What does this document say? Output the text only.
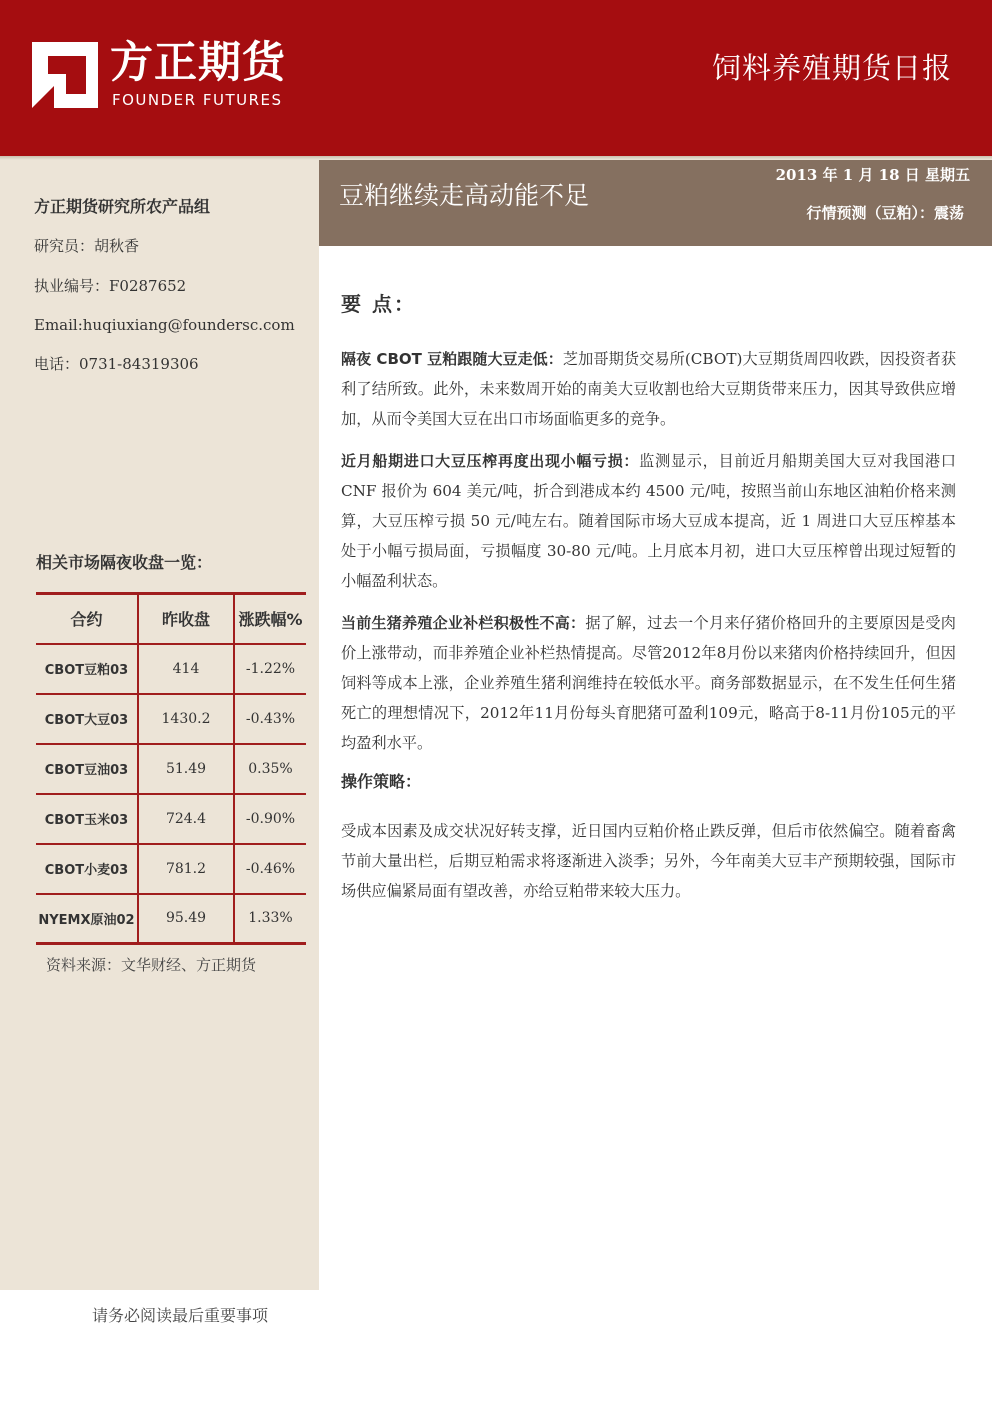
方正期货
FOUNDER FUTURES
饲料养殖期货日报
方正期货研究所农产品组
研究员：胡秋香
执业编号：F0287652
Email:huqiuxiang@foundersc.com
电话：0731-84319306
相关市场隔夜收盘一览：
合约	昨收盘	涨跌幅%
CBOT豆粕03	414	-1.22%
CBOT大豆03	1430.2	-0.43%
CBOT豆油03	51.49	0.35%
CBOT玉米03	724.4	-0.90%
CBOT小麦03	781.2	-0.46%
NYEMX原油02	95.49	1.33%
资料来源：文华财经、方正期货
请务必阅读最后重要事项
豆粕继续走高动能不足
2013 年 1 月 18 日 星期五
行情预测（豆粕）：震荡
要 点：

隔夜 CBOT 豆粕跟随大豆走低：芝加哥期货交易所(CBOT)大豆期货周四收跌，因投资者获利了结所致。此外，未来数周开始的南美大豆收割也给大豆期货带来压力，因其导致供应增加，从而令美国大豆在出口市场面临更多的竞争。

近月船期进口大豆压榨再度出现小幅亏损：监测显示，目前近月船期美国大豆对我国港口 CNF 报价为 604 美元/吨，折合到港成本约 4500 元/吨，按照当前山东地区油粕价格来测算，大豆压榨亏损 50 元/吨左右。随着国际市场大豆成本提高，近 1 周进口大豆压榨基本处于小幅亏损局面，亏损幅度 30-80 元/吨。上月底本月初，进口大豆压榨曾出现过短暂的小幅盈利状态。

当前生猪养殖企业补栏积极性不高：据了解，过去一个月来仔猪价格回升的主要原因是受肉价上涨带动，而非养殖企业补栏热情提高。尽管2012年8月份以来猪肉价格持续回升，但因饲料等成本上涨，企业养殖生猪利润维持在较低水平。商务部数据显示，在不发生任何生猪死亡的理想情况下，2012年11月份每头育肥猪可盈利109元，略高于8-11月份105元的平均盈利水平。

操作策略：

受成本因素及成交状况好转支撑，近日国内豆粕价格止跌反弹，但后市依然偏空。随着畜禽节前大量出栏，后期豆粕需求将逐渐进入淡季；另外，今年南美大豆丰产预期较强，国际市场供应偏紧局面有望改善，亦给豆粕带来较大压力。
